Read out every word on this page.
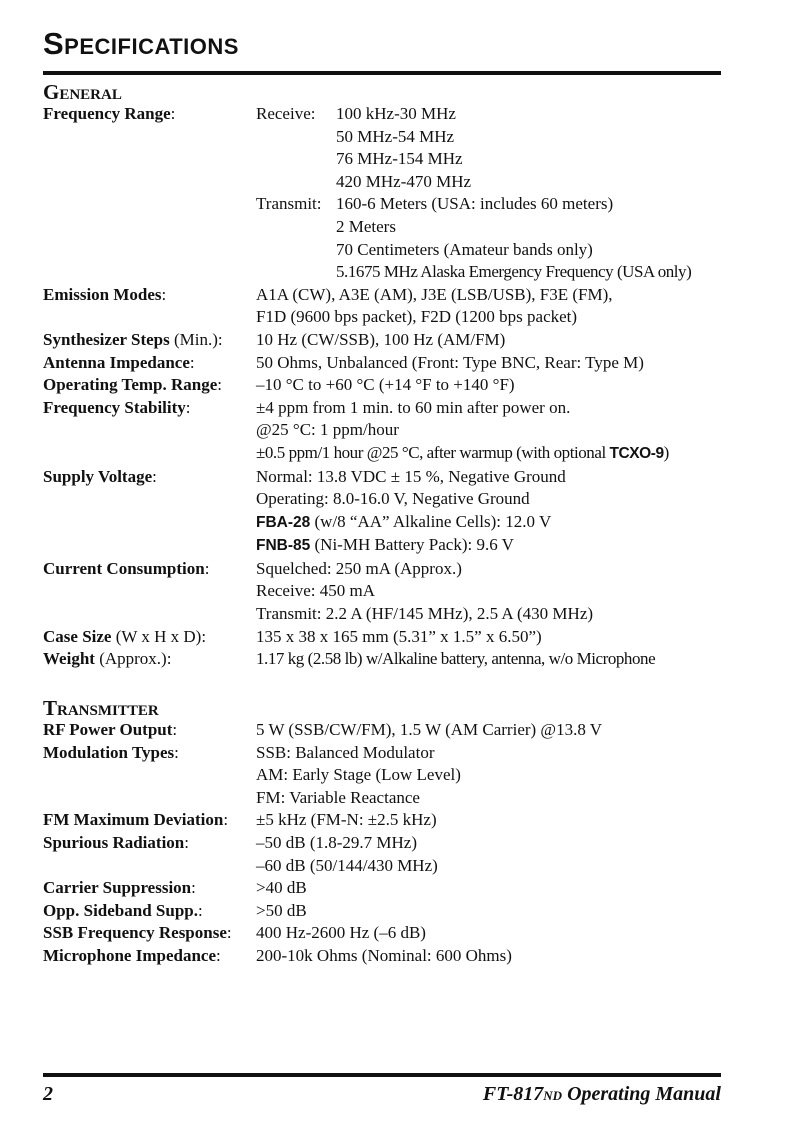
Specifications
General
Frequency Range:	Receive:	100 kHz-30 MHz
50 MHz-54 MHz
76 MHz-154 MHz
420 MHz-470 MHz
Transmit: 160-6 Meters (USA: includes 60 meters)
2 Meters
70 Centimeters (Amateur bands only)
5.1675 MHz Alaska Emergency Frequency (USA only)
Emission Modes:	A1A (CW), A3E (AM), J3E (LSB/USB), F3E (FM),
F1D (9600 bps packet), F2D (1200 bps packet)
Synthesizer Steps (Min.):	10 Hz (CW/SSB), 100 Hz (AM/FM)
Antenna Impedance:	50 Ohms, Unbalanced (Front: Type BNC, Rear: Type M)
Operating Temp. Range:	–10 °C to +60 °C (+14 °F to +140 °F)
Frequency Stability:	±4 ppm from 1 min. to 60 min after power on.
@25 °C: 1 ppm/hour
±0.5 ppm/1 hour @25 °C, after warmup (with optional TCXO-9)
Supply Voltage:	Normal: 13.8 VDC ± 15 %, Negative Ground
Operating: 8.0-16.0 V, Negative Ground
FBA-28 (w/8 “AA” Alkaline Cells): 12.0 V
FNB-85 (Ni-MH Battery Pack): 9.6 V
Current Consumption:	Squelched: 250 mA (Approx.)
Receive: 450 mA
Transmit: 2.2 A (HF/145 MHz), 2.5 A (430 MHz)
Case Size (W x H x D):	135 x 38 x 165 mm (5.31” x 1.5” x 6.50”)
Weight (Approx.):	1.17 kg (2.58 lb) w/Alkaline battery, antenna, w/o Microphone
Transmitter
RF Power Output:	5 W (SSB/CW/FM), 1.5 W (AM Carrier) @13.8 V
Modulation Types:	SSB: Balanced Modulator
AM: Early Stage (Low Level)
FM: Variable Reactance
FM Maximum Deviation:	±5 kHz (FM-N: ±2.5 kHz)
Spurious Radiation:	–50 dB (1.8-29.7 MHz)
–60 dB (50/144/430 MHz)
Carrier Suppression:	>40 dB
Opp. Sideband Supp.:	>50 dB
SSB Frequency Response:	400 Hz-2600 Hz (–6 dB)
Microphone Impedance:	200-10k Ohms (Nominal: 600 Ohms)
2	FT-817ND Operating Manual
